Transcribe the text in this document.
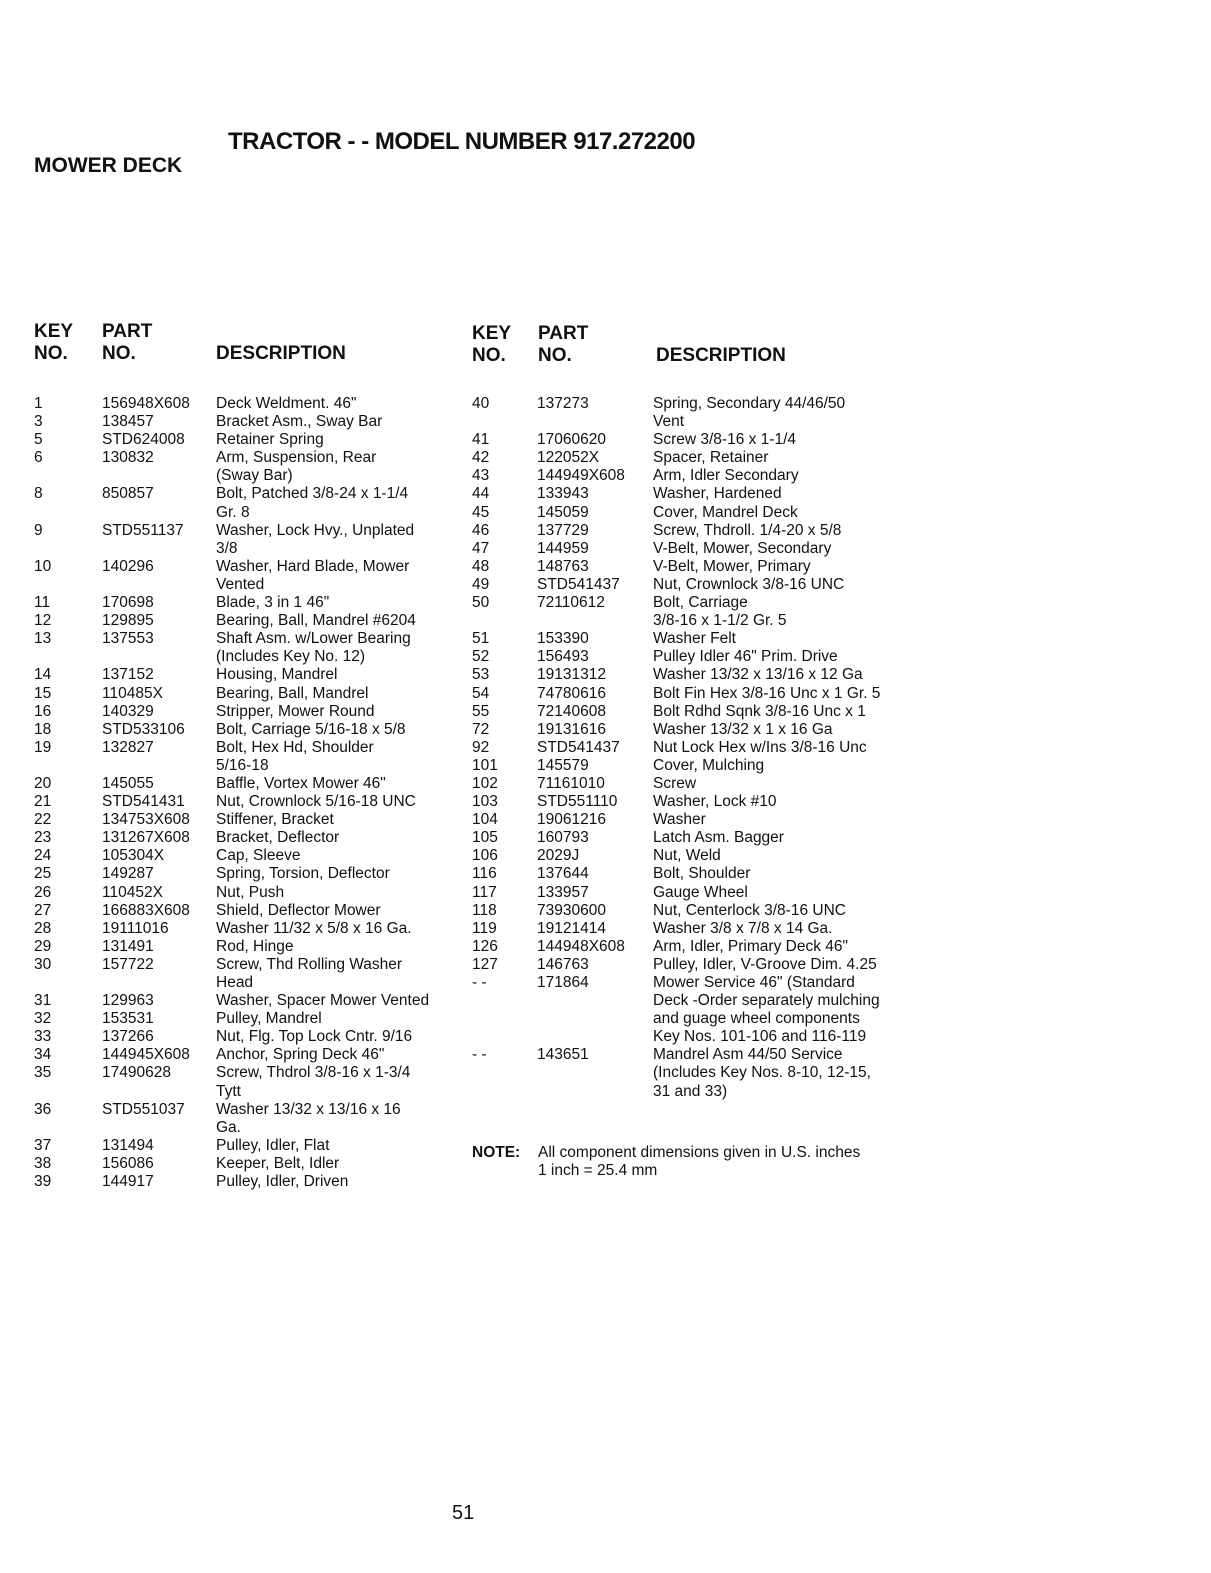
TRACTOR - - MODEL NUMBER 917.272200
MOWER DECK
KEY
NO.
PART
NO.	DESCRIPTION
KEY
NO.
PART
NO.	DESCRIPTION
1	156948X608 Deck Weldment. 46"
3	138457	Bracket Asm., Sway Bar
5	STD624008 Retainer Spring
6	130832	Arm, Suspension, Rear
(Sway Bar)
8	850857	Bolt, Patched 3/8-24 x 1-1/4
Gr. 8
9	STD551137 Washer, Lock Hvy., Unplated
3/8
10	140296	Washer, Hard Blade, Mower
Vented
11	170698	Blade, 3 in 1 46"
12	129895	Bearing, Ball, Mandrel #6204
13	137553	Shaft Asm. w/Lower Bearing
(Includes Key No. 12)
14	137152	Housing, Mandrel
15	110485X	Bearing, Ball, Mandrel
16	140329	Stripper, Mower Round
18	STD533106 Bolt, Carriage 5/16-18 x 5/8
19	132827	Bolt, Hex Hd, Shoulder
5/16-18
20	145055	Baffle, Vortex Mower 46"
21	STD541431 Nut, Crownlock 5/16-18 UNC
22	134753X608 Stiffener, Bracket
23	131267X608 Bracket, Deflector
24	105304X	Cap, Sleeve
25	149287	Spring, Torsion, Deflector
26	110452X	Nut, Push
27	166883X608 Shield, Deflector Mower
28	19111016	Washer 11/32 x 5/8 x 16 Ga.
29	131491	Rod, Hinge
30	157722	Screw, Thd Rolling Washer
Head
31	129963	Washer, Spacer Mower Vented
32	153531	Pulley, Mandrel
33	137266	Nut, Flg. Top Lock Cntr. 9/16
34	144945X608 Anchor, Spring Deck 46"
35	17490628	Screw, Thdrol 3/8-16 x 1-3/4
Tytt
36	STD551037 Washer 13/32 x 13/16 x 16
Ga.
37	131494	Pulley, Idler, Flat
38	156086	Keeper, Belt, Idler
39	144917	Pulley, Idler, Driven
40	137273	Spring, Secondary 44/46/50
Vent
41	17060620	Screw 3/8-16 x 1-1/4
42	122052X	Spacer, Retainer
43	144949X608 Arm, Idler Secondary
44	133943	Washer, Hardened
45	145059	Cover, Mandrel Deck
46	137729	Screw, Thdroll. 1/4-20 x 5/8
47	144959	V-Belt, Mower, Secondary
48	148763	V-Belt, Mower, Primary
49	STD541437 Nut, Crownlock 3/8-16 UNC
50	72110612	Bolt, Carriage
3/8-16 x 1-1/2 Gr. 5
51	153390	Washer Felt
52	156493	Pulley Idler 46" Prim. Drive
53	19131312	Washer 13/32 x 13/16 x 12 Ga
54	74780616	Bolt Fin Hex 3/8-16 Unc x 1 Gr. 5
55	72140608	Bolt Rdhd Sqnk 3/8-16 Unc x 1
72	19131616	Washer 13/32 x 1 x 16 Ga
92	STD541437 Nut Lock Hex w/Ins 3/8-16 Unc
101	145579	Cover, Mulching
102	71161010	Screw
103	STD551110 Washer, Lock #10
104	19061216	Washer
105	160793	Latch Asm. Bagger
106	2029J	Nut, Weld
116	137644	Bolt, Shoulder
117	133957	Gauge Wheel
118	73930600	Nut, Centerlock 3/8-16 UNC
119	19121414	Washer 3/8 x 7/8 x 14 Ga.
126	144948X608 Arm, Idler, Primary Deck 46"
127	146763	Pulley, Idler, V-Groove Dim. 4.25
- -	171864	Mower Service 46" (Standard
Deck -Order separately mulching
and guage wheel components
Key Nos. 101-106 and 116-119
- -	143651	Mandrel Asm 44/50 Service
(Includes Key Nos. 8-10, 12-15,
31 and 33)
NOTE: All component dimensions given in U.S. inches
1 inch = 25.4 mm
51
